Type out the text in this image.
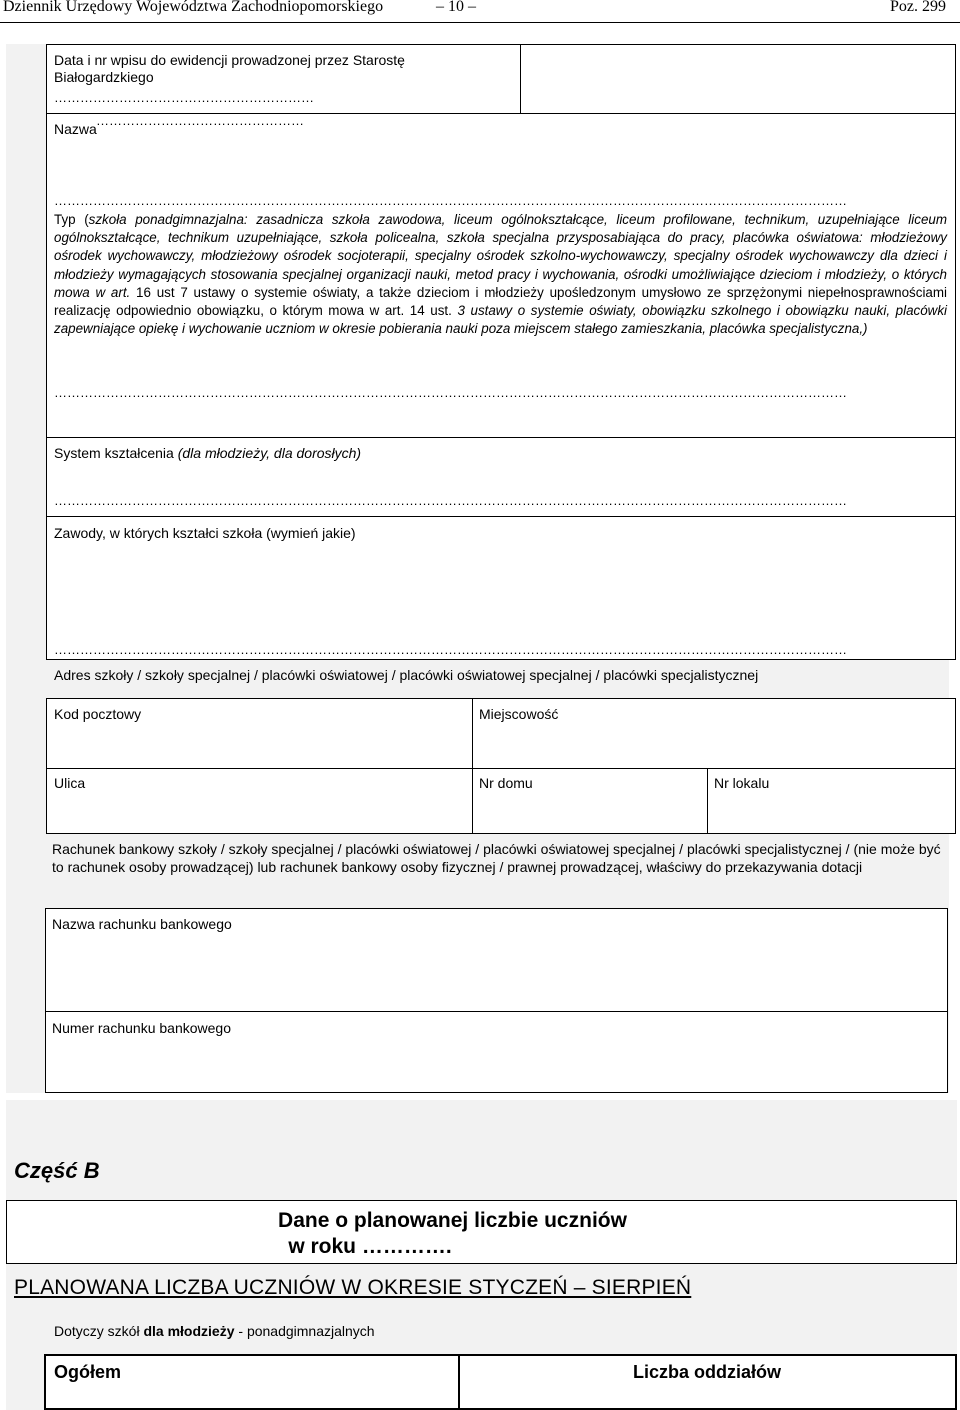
Dziennik Urzędowy Województwa Zachodniopomorskiego	– 10 –	Poz. 299
Data i nr wpisu do ewidencji prowadzonej przez Starostę Białogardzkiego
……………………………………………………
…………………………………………
Nazwa
…………………………………………………………………………………………………………………………………………………………………
Typ (szkoła ponadgimnazjalna: zasadnicza szkoła zawodowa, liceum ogólnokształcące, liceum profilowane, technikum, uzupełniające liceum ogólnokształcące, technikum uzupełniające, szkoła policealna, szkoła specjalna przysposabiająca do pracy, placówka oświatowa: młodzieżowy ośrodek wychowawczy, młodzieżowy ośrodek socjoterapii, specjalny ośrodek szkolno-wychowawczy, specjalny ośrodek wychowawczy dla dzieci i młodzieży wymagających stosowania specjalnej organizacji nauki, metod pracy i wychowania, ośrodki umożliwiające dzieciom i młodzieży, o których mowa w art. 16 ust 7 ustawy o systemie oświaty, a także dzieciom i młodzieży upośledzonym umysłowo ze sprzężonymi niepełnosprawnościami realizację odpowiednio obowiązku, o którym mowa w art. 14 ust. 3 ustawy o systemie oświaty, obowiązku szkolnego i obowiązku nauki, placówki zapewniające opiekę i wychowanie uczniom w okresie pobierania nauki poza miejscem stałego zamieszkania, placówka specjalistyczna,)
…………………………………………………………………………………………………………………………………………………………………
System kształcenia (dla młodzieży, dla dorosłych)
…………………………………………………………………………………………………………………………………………………………………
Zawody, w których kształci szkoła (wymień jakie)
…………………………………………………………………………………………………………………………………………………………………
Adres szkoły / szkoły specjalnej / placówki oświatowej / placówki oświatowej specjalnej / placówki specjalistycznej
Kod pocztowy	Miejscowość
Ulica	Nr domu	Nr lokalu
Rachunek bankowy szkoły / szkoły specjalnej / placówki oświatowej / placówki oświatowej specjalnej / placówki specjalistycznej / (nie może być to rachunek osoby prowadzącej) lub rachunek bankowy osoby fizycznej / prawnej prowadzącej, właściwy do przekazywania dotacji
Nazwa rachunku bankowego
Numer rachunku bankowego
Część B
Dane o planowanej liczbie uczniów
w roku ………….
PLANOWANA LICZBA UCZNIÓW W OKRESIE STYCZEŃ – SIERPIEŃ
Dotyczy szkół dla młodzieży - ponadgimnazjalnych
Ogółem	Liczba oddziałów
